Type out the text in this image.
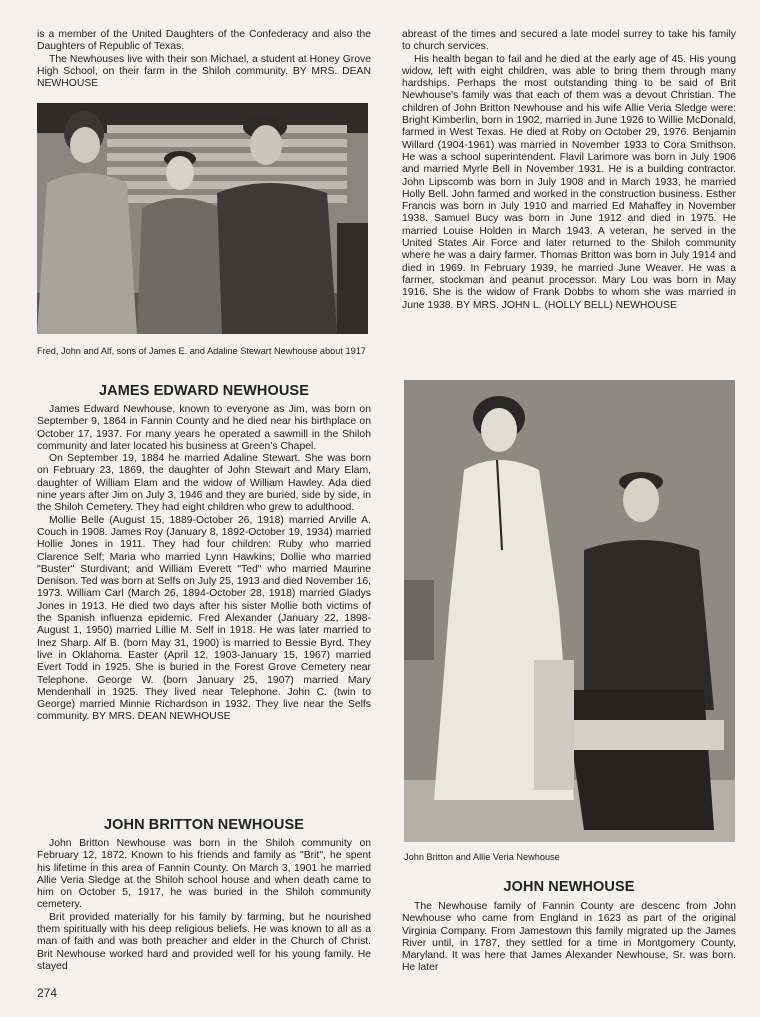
is a member of the United Daughters of the Confederacy and also the Daughters of Republic of Texas.

The Newhouses live with their son Michael, a student at Honey Grove High School, on their farm in the Shiloh community. BY MRS. DEAN NEWHOUSE

Fred, John and Alf, sons of James E. and Adaline Stewart Newhouse about 1917
JAMES EDWARD NEWHOUSE

James Edward Newhouse, known to everyone as Jim, was born on September 9, 1864 in Fannin County and he died near his birthplace on October 17, 1937. For many years he operated a sawmill in the Shiloh community and later located his business at Green's Chapel.

On September 19, 1884 he married Adaline Stewart. She was born on February 23, 1869, the daughter of John Stewart and Mary Elam, daughter of William Elam and the widow of William Hawley. Ada died nine years after Jim on July 3, 1946 and they are buried, side by side, in the Shiloh Cemetery. They had eight children who grew to adulthood.

Mollie Belle (August 15, 1889-October 26, 1918) married Arville A. Couch in 1908. James Roy (January 8, 1892-October 19, 1934) married Hollie Jones in 1911. They had four children: Ruby who married Clarence Self; Maria who married Lynn Hawkins; Dollie who married "Buster" Sturdivant; and William Everett "Ted" who married Maurine Denison. Ted was born at Selfs on July 25, 1913 and died November 16, 1973. William Carl (March 26, 1894-October 28, 1918) married Gladys Jones in 1913. He died two days after his sister Mollie both victims of the Spanish influenza epidemic. Fred Alexander (January 22, 1898-August 1, 1950) married Lillie M. Self in 1918. He was later married to Inez Sharp. Alf B. (born May 31, 1900) is married to Bessie Byrd. They live in Oklahoma. Easter (April 12, 1903-January 15, 1967) married Evert Todd in 1925. She is buried in the Forest Grove Cemetery near Telephone. George W. (born January 25, 1907) married Mary Mendenhall in 1925. They lived near Telephone. John C. (twin to George) married Minnie Richardson in 1932. They live near the Selfs community. BY MRS. DEAN NEWHOUSE

JOHN BRITTON NEWHOUSE

John Britton Newhouse was born in the Shiloh community on February 12, 1872. Known to his friends and family as "Brit", he spent his lifetime in this area of Fannin County. On March 3, 1901 he married Allie Veria Sledge at the Shiloh school house and when death came to him on October 5, 1917, he was buried in the Shiloh community cemetery.

Brit provided materially for his family by farming, but he nourished them spiritually with his deep religious beliefs. He was known to all as a man of faith and was both preacher and elder in the Church of Christ. Brit Newhouse worked hard and provided well for his young family. He stayed

274

abreast of the times and secured a late model surrey to take his family to church services.

His health began to fail and he died at the early age of 45. His young widow, left with eight children, was able to bring them through many hardships. Perhaps the most outstanding thing to be said of Brit Newhouse's family was that each of them was a devout Christian. The children of John Britton Newhouse and his wife Allie Veria Sledge were: Bright Kimberlin, born in 1902, married in June 1926 to Willie McDonald, farmed in West Texas. He died at Roby on October 29, 1976. Benjamin Willard (1904-1961) was married in November 1933 to Cora Smithson. He was a school superintendent. Flavil Larimore was born in July 1906 and married Myrle Bell in November 1931. He is a building contractor. John Lipscomb was born in July 1908 and in March 1933, he married Holly Bell. John farmed and worked in the construction business. Esther Francis was born in July 1910 and married Ed Mahaffey in November 1938. Samuel Bucy was born in June 1912 and died in 1975. He married Louise Holden in March 1943. A veteran, he served in the United States Air Force and later returned to the Shiloh community where he was a dairy farmer. Thomas Britton was born in July 1914 and died in 1969. In February 1939, he married June Weaver. He was a farmer, stockman and peanut processor. Mary Lou was born in May 1916. She is the widow of Frank Dobbs to whom she was married in June 1938. BY MRS. JOHN L. (HOLLY BELL) NEWHOUSE

John Britton and Allie Veria Newhouse
JOHN NEWHOUSE

The Newhouse family of Fannin County are descenc from John Newhouse who came from England in 1623 as part of the original Virginia Company. From Jamestown this family migrated up the James River until, in 1787, they settled for a time in Montgomery County, Maryland. It was here that James Alexander Newhouse, Sr. was born. He later
